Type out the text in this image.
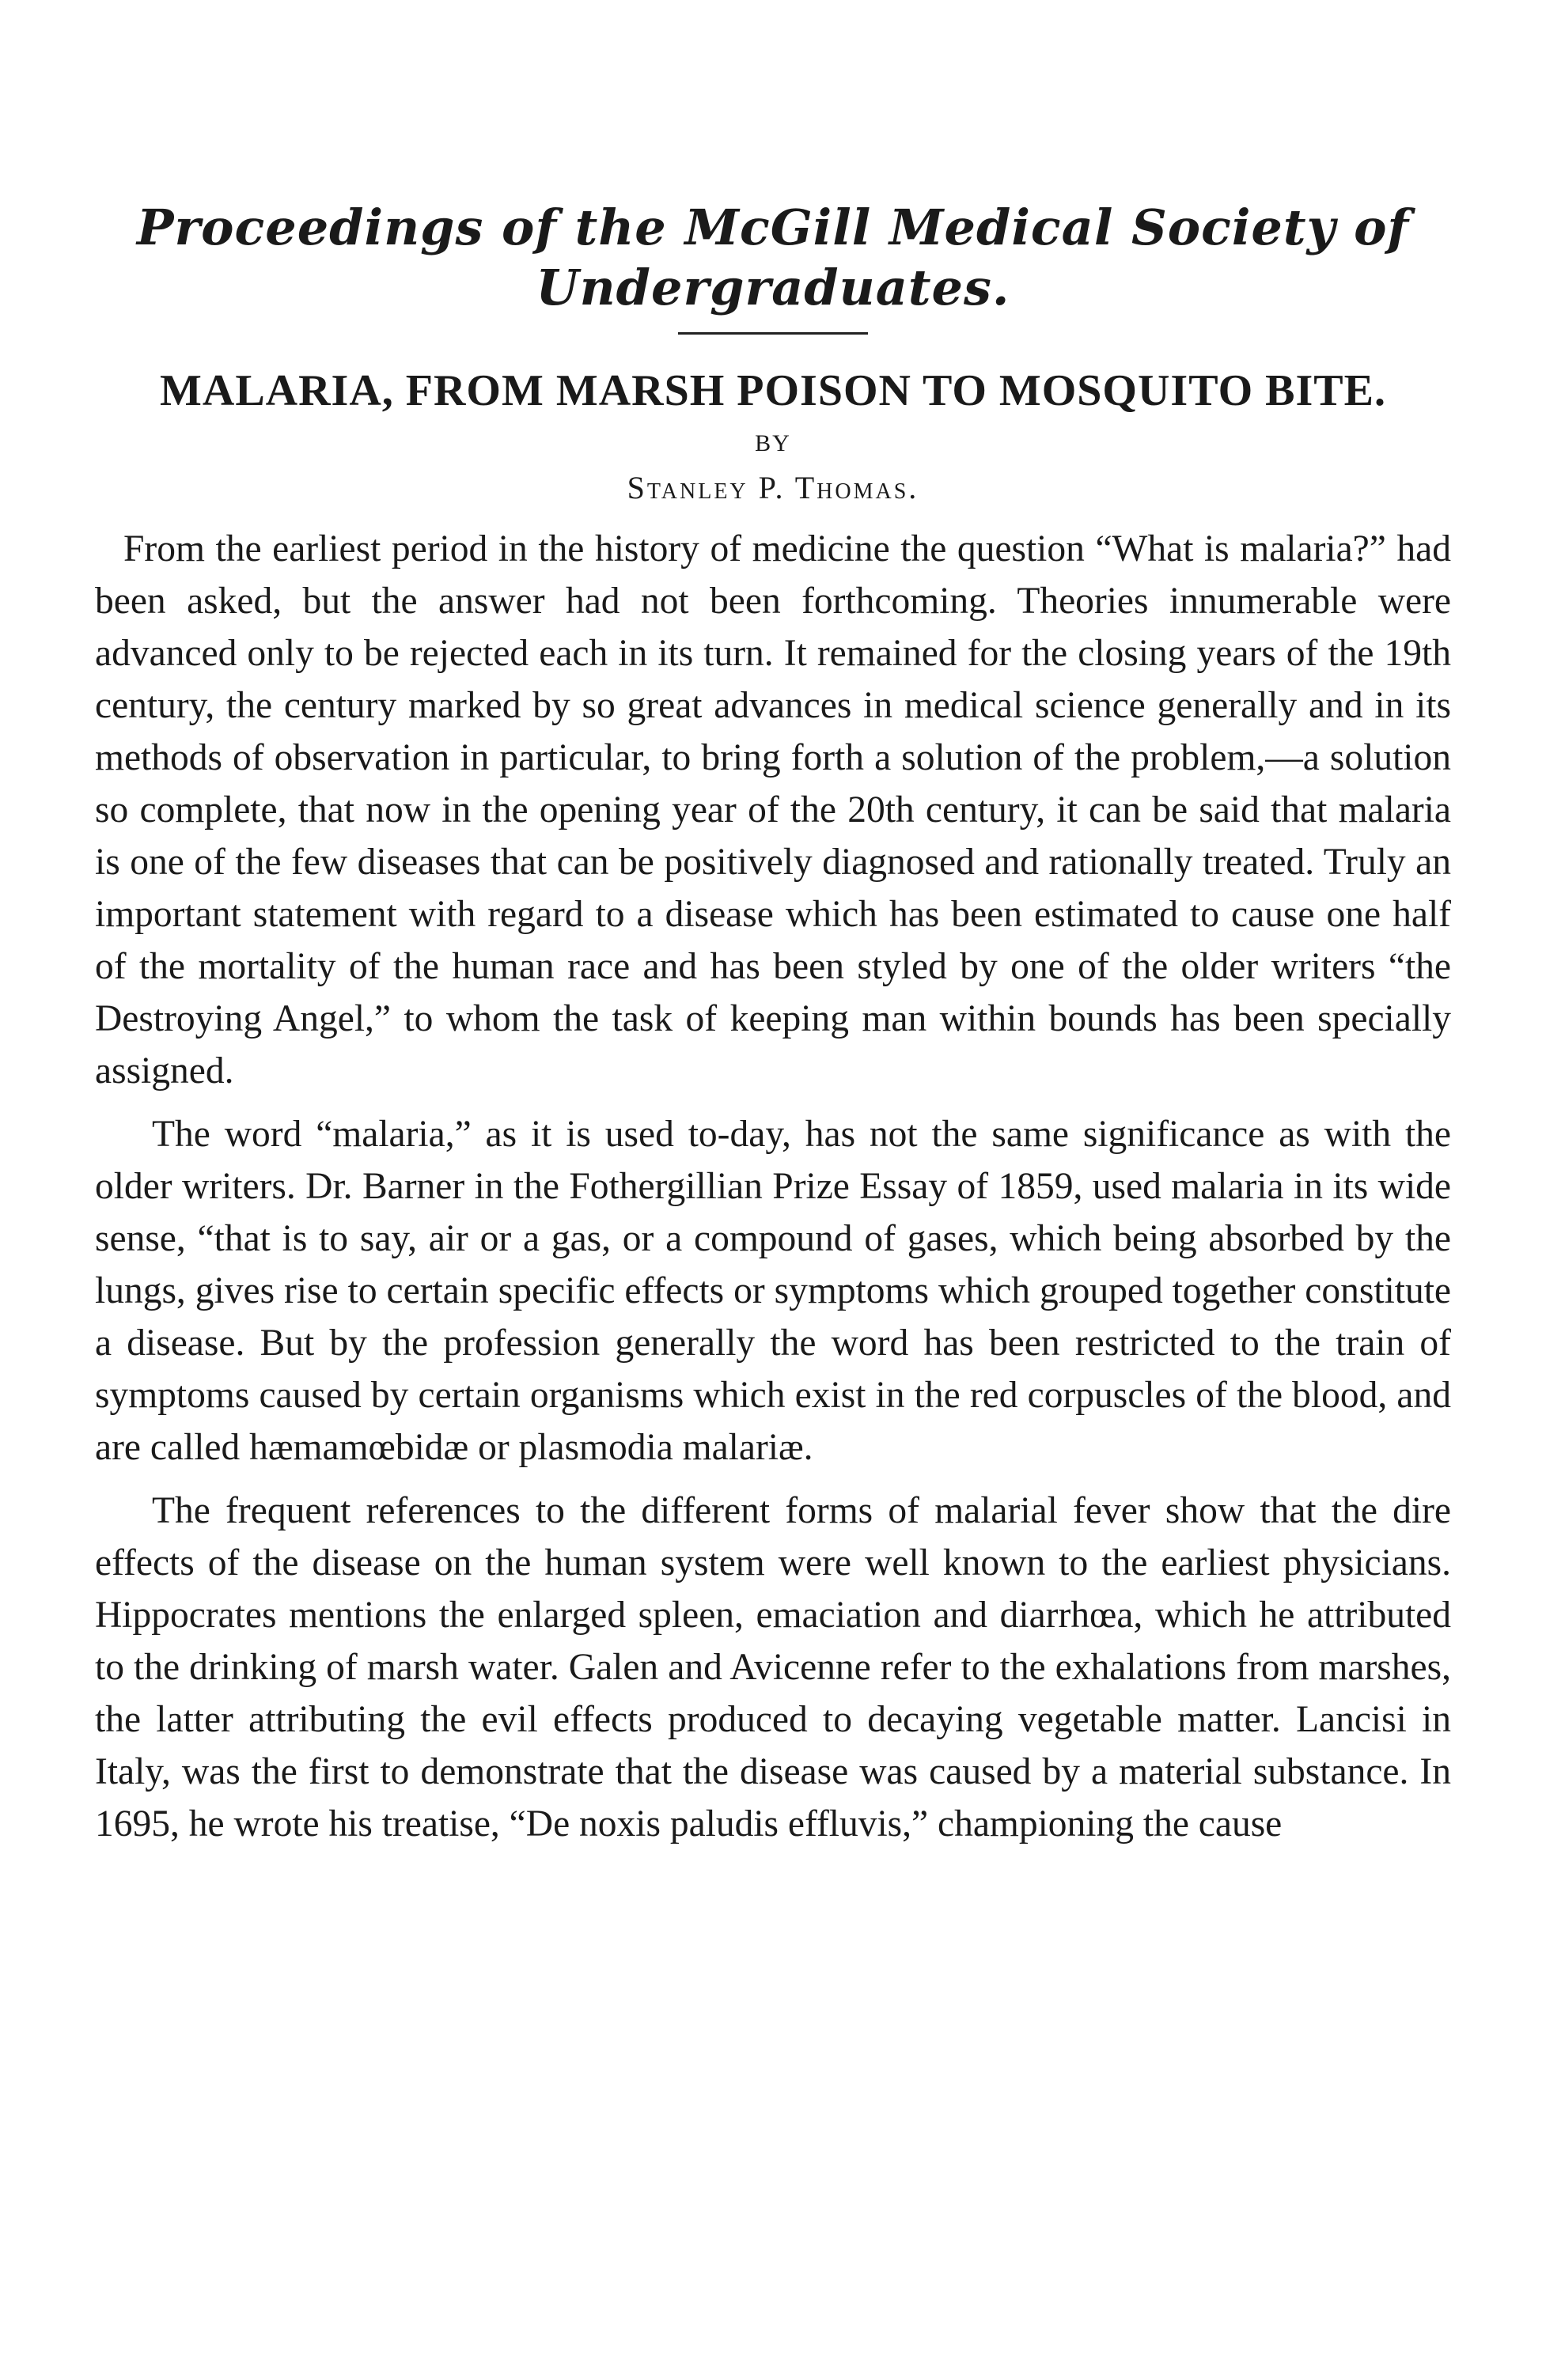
Proceedings of the McGill Medical Society of
Undergraduates.
MALARIA, FROM MARSH POISON TO MOSQUITO BITE.

BY

Stanley P. Thomas.

From the earliest period in the history of medicine the question “What is malaria?” had been asked, but the answer had not been forthcoming. Theories innumerable were advanced only to be rejected each in its turn. It remained for the closing years of the 19th century, the century marked by so great advances in medical science generally and in its methods of observation in particular, to bring forth a solution of the problem,—a solution so complete, that now in the opening year of the 20th century, it can be said that malaria is one of the few diseases that can be positively diagnosed and rationally treated. Truly an important statement with regard to a disease which has been estimated to cause one half of the mortality of the human race and has been styled by one of the older writers “the Destroying Angel,” to whom the task of keeping man within bounds has been specially assigned.

The word “malaria,” as it is used to-day, has not the same significance as with the older writers. Dr. Barner in the Fothergillian Prize Essay of 1859, used malaria in its wide sense, “that is to say, air or a gas, or a compound of gases, which being absorbed by the lungs, gives rise to certain specific effects or symptoms which grouped together constitute a disease. But by the profession generally the word has been restricted to the train of symptoms caused by certain organisms which exist in the red corpuscles of the blood, and are called hæmamœbidæ or plasmodia malariæ.

The frequent references to the different forms of malarial fever show that the dire effects of the disease on the human system were well known to the earliest physicians. Hippocrates mentions the enlarged spleen, emaciation and diarrhœa, which he attributed to the drinking of marsh water. Galen and Avicenne refer to the exhalations from marshes, the latter attributing the evil effects produced to decaying vegetable matter. Lancisi in Italy, was the first to demonstrate that the disease was caused by a material substance. In 1695, he wrote his treatise, “De noxis paludis effluvis,” championing the cause
